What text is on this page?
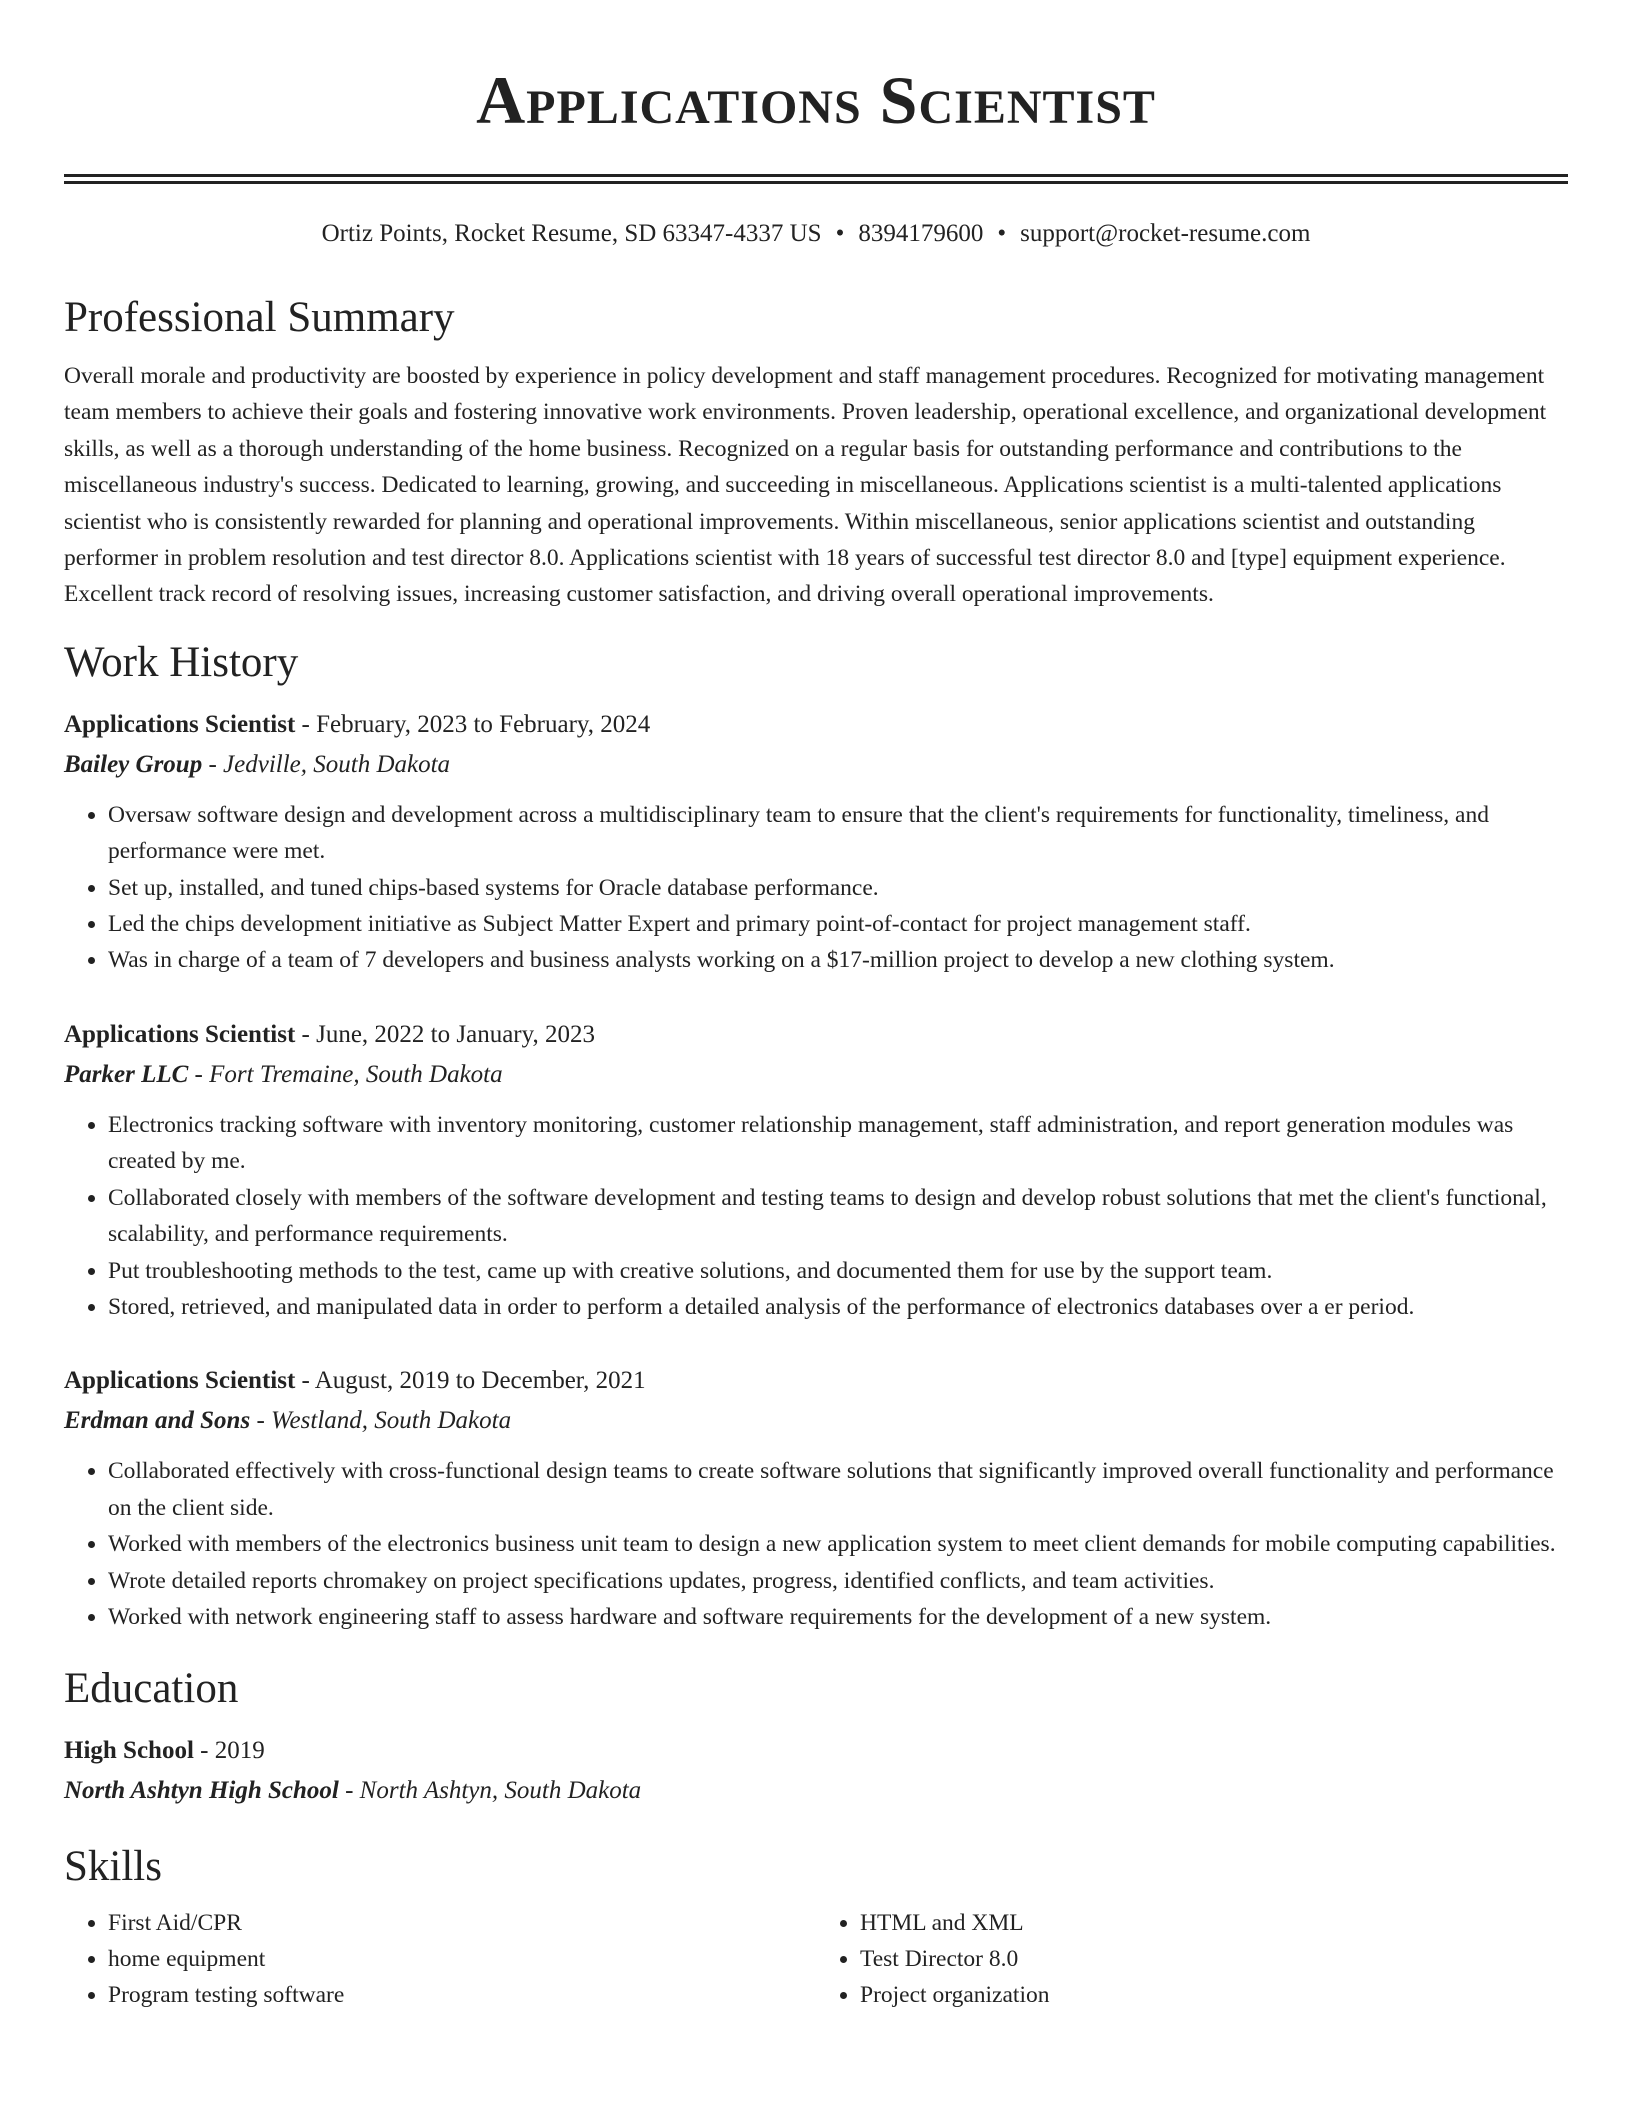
Applications Scientist
Ortiz Points, Rocket Resume, SD 63347-4337 US • 8394179600 • support@rocket-resume.com
Professional Summary

Overall morale and productivity are boosted by experience in policy development and staff management procedures. Recognized for motivating management team members to achieve their goals and fostering innovative work environments. Proven leadership, operational excellence, and organizational development skills, as well as a thorough understanding of the home business. Recognized on a regular basis for outstanding performance and contributions to the miscellaneous industry's success. Dedicated to learning, growing, and succeeding in miscellaneous. Applications scientist is a multi-talented applications scientist who is consistently rewarded for planning and operational improvements. Within miscellaneous, senior applications scientist and outstanding performer in problem resolution and test director 8.0. Applications scientist with 18 years of successful test director 8.0 and [type] equipment experience. Excellent track record of resolving issues, increasing customer satisfaction, and driving overall operational improvements.

Work History
Applications Scientist - February, 2023 to February, 2024
Bailey Group - Jedville, South Dakota
• Oversaw software design and development across a multidisciplinary team to ensure that the client's requirements for functionality, timeliness, and performance were met.
• Set up, installed, and tuned chips-based systems for Oracle database performance.
• Led the chips development initiative as Subject Matter Expert and primary point-of-contact for project management staff.
• Was in charge of a team of 7 developers and business analysts working on a $17-million project to develop a new clothing system.
Applications Scientist - June, 2022 to January, 2023
Parker LLC - Fort Tremaine, South Dakota
• Electronics tracking software with inventory monitoring, customer relationship management, staff administration, and report generation modules was created by me.
• Collaborated closely with members of the software development and testing teams to design and develop robust solutions that met the client's functional, scalability, and performance requirements.
• Put troubleshooting methods to the test, came up with creative solutions, and documented them for use by the support team.
• Stored, retrieved, and manipulated data in order to perform a detailed analysis of the performance of electronics databases over a er period.
Applications Scientist - August, 2019 to December, 2021
Erdman and Sons - Westland, South Dakota
• Collaborated effectively with cross-functional design teams to create software solutions that significantly improved overall functionality and performance on the client side.
• Worked with members of the electronics business unit team to design a new application system to meet client demands for mobile computing capabilities.
• Wrote detailed reports chromakey on project specifications updates, progress, identified conflicts, and team activities.
• Worked with network engineering staff to assess hardware and software requirements for the development of a new system.
Education
High School - 2019
North Ashtyn High School - North Ashtyn, South Dakota
Skills
• First Aid/CPR
• home equipment
• Program testing software
• HTML and XML
• Test Director 8.0
• Project organization
